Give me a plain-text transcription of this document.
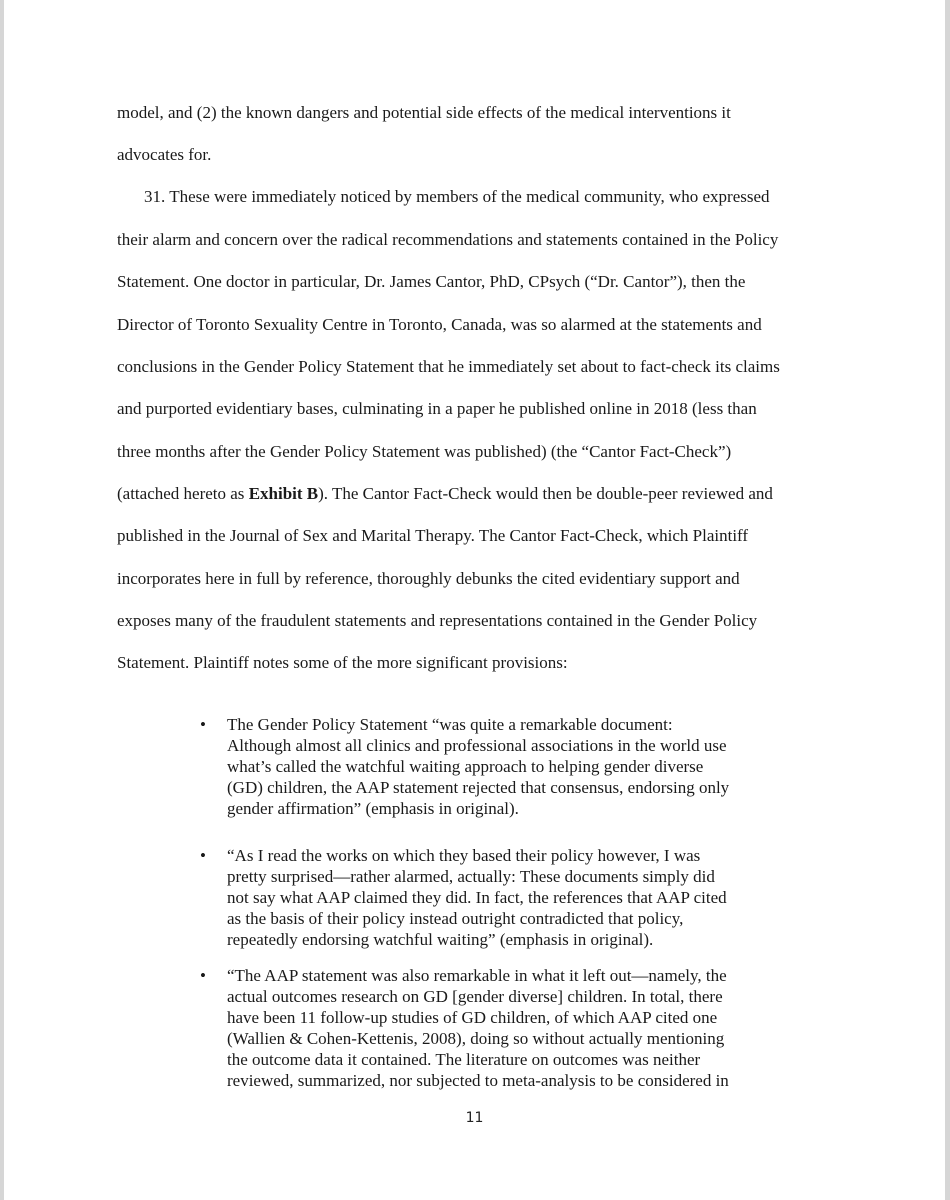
model, and (2) the known dangers and potential side effects of the medical interventions it
advocates for.
31. These were immediately noticed by members of the medical community, who expressed
their alarm and concern over the radical recommendations and statements contained in the Policy
Statement. One doctor in particular, Dr. James Cantor, PhD, CPsych (“Dr. Cantor”), then the
Director of Toronto Sexuality Centre in Toronto, Canada, was so alarmed at the statements and
conclusions in the Gender Policy Statement that he immediately set about to fact-check its claims
and purported evidentiary bases, culminating in a paper he published online in 2018 (less than
three months after the Gender Policy Statement was published) (the “Cantor Fact-Check”)
(attached hereto as Exhibit B). The Cantor Fact-Check would then be double-peer reviewed and
published in the Journal of Sex and Marital Therapy. The Cantor Fact-Check, which Plaintiff
incorporates here in full by reference, thoroughly debunks the cited evidentiary support and
exposes many of the fraudulent statements and representations contained in the Gender Policy
Statement. Plaintiff notes some of the more significant provisions:
• The Gender Policy Statement “was quite a remarkable document:
Although almost all clinics and professional associations in the world use
what’s called the watchful waiting approach to helping gender diverse
(GD) children, the AAP statement rejected that consensus, endorsing only
gender affirmation” (emphasis in original).
• “As I read the works on which they based their policy however, I was
pretty surprised—rather alarmed, actually: These documents simply did
not say what AAP claimed they did. In fact, the references that AAP cited
as the basis of their policy instead outright contradicted that policy,
repeatedly endorsing watchful waiting” (emphasis in original).
• “The AAP statement was also remarkable in what it left out—namely, the
actual outcomes research on GD [gender diverse] children. In total, there
have been 11 follow-up studies of GD children, of which AAP cited one
(Wallien & Cohen-Kettenis, 2008), doing so without actually mentioning
the outcome data it contained. The literature on outcomes was neither
reviewed, summarized, nor subjected to meta-analysis to be considered in
11
